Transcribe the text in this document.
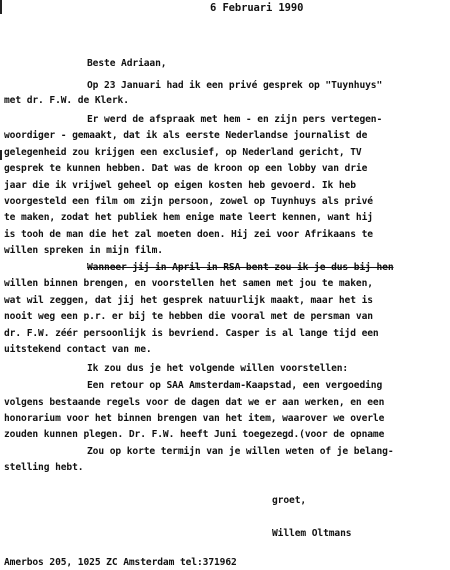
6 Februari 1990
Beste Adriaan,
Op 23 Januari had ik een privé gesprek op "Tuynhuys"
met dr. F.W. de Klerk.
Er werd de afspraak met hem - en zijn pers vertegen-
woordiger - gemaakt, dat ik als eerste Nederlandse journalist de
gelegenheid zou krijgen een exclusief, op Nederland gericht, TV
gesprek te kunnen hebben. Dat was de kroon op een lobby van drie
jaar die ik vrijwel geheel op eigen kosten heb gevoerd. Ik heb
voorgesteld een film om zijn persoon, zowel op Tuynhuys als privé
te maken, zodat het publiek hem enige mate leert kennen, want hij
is tooh de man die het zal moeten doen. Hij zei voor Afrikaans te
willen spreken in mijn film.
Wanneer jij in April in RSA bent zou ik je dus bij hen
willen binnen brengen, en voorstellen het samen met jou te maken,
wat wil zeggen, dat jij het gesprek natuurlijk maakt, maar het is
nooit weg een p.r. er bij te hebben die vooral met de persman van
dr. F.W. zéér persoonlijk is bevriend. Casper is al lange tijd een
uitstekend contact van me.
Ik zou dus je het volgende willen voorstellen:
Een retour op SAA Amsterdam-Kaapstad, een vergoeding
volgens bestaande regels voor de dagen dat we er aan werken, en een
honorarium voor het binnen brengen van het item, waarover we overle
zouden kunnen plegen. Dr. F.W. heeft Juni toegezegd.(voor de opname
Zou op korte termijn van je willen weten of je belang-
stelling hebt.
groet,
Willem Oltmans
Amerbos 205, 1025 ZC Amsterdam tel:371962
